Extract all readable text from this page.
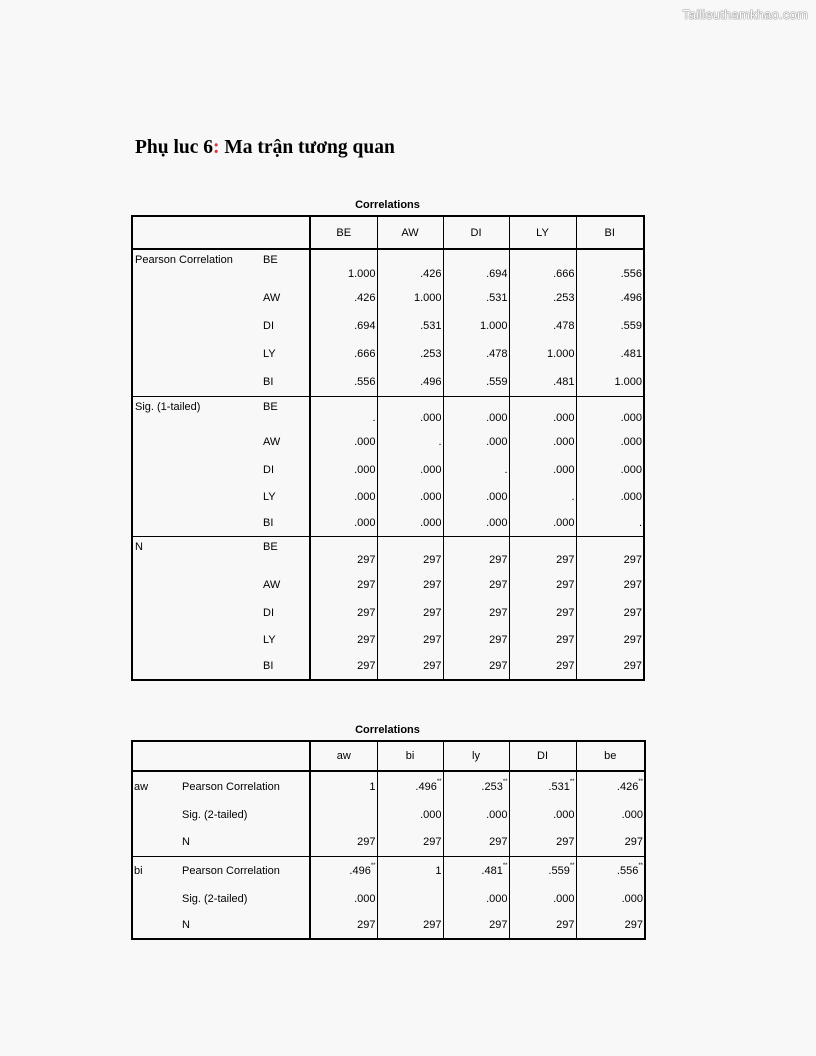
Tailieuthamkhao.com
Phụ luc 6: Ma trận tương quan
Correlations
		BE	AW	DI	LY	BI
Pearson Correlation	BE	1.000	.426	.694	.666	.556
	AW	.426	1.000	.531	.253	.496
	DI	.694	.531	1.000	.478	.559
	LY	.666	.253	.478	1.000	.481
	BI	.556	.496	.559	.481	1.000
Sig. (1-tailed)	BE	.	.000	.000	.000	.000
	AW	.000	.	.000	.000	.000
	DI	.000	.000	.	.000	.000
	LY	.000	.000	.000	.	.000
	BI	.000	.000	.000	.000	.
N	BE	297	297	297	297	297
	AW	297	297	297	297	297
	DI	297	297	297	297	297
	LY	297	297	297	297	297
	BI	297	297	297	297	297
Correlations
		aw	bi	ly	DI	be
aw	Pearson Correlation	1	.496**	.253**	.531**	.426**
	Sig. (2-tailed)		.000	.000	.000	.000
	N	297	297	297	297	297
bi	Pearson Correlation	.496**	1	.481**	.559**	.556**
	Sig. (2-tailed)	.000		.000	.000	.000
	N	297	297	297	297	297
